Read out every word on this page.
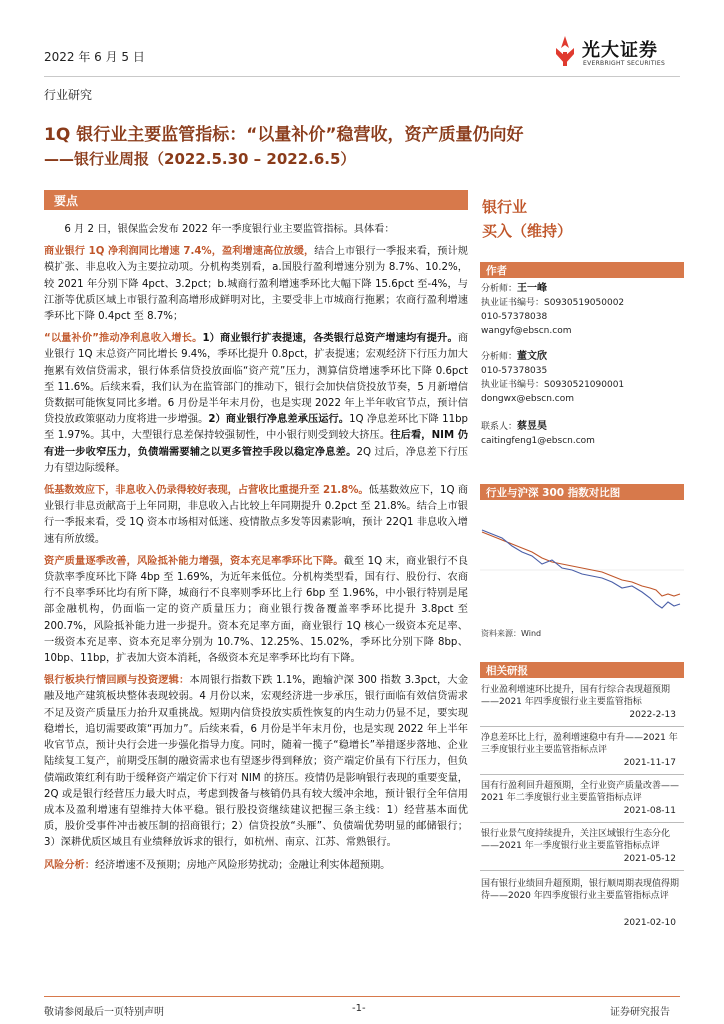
2022 年 6 月 5 日	光大证券
EVERBRIGHT SECURITIES
行业研究
1Q 银行业主要监管指标：“以量补价”稳营收，资产质量仍向好
——银行业周报（2022.5.30 – 2022.6.5）
要点

6 月 2 日，银保监会发布 2022 年一季度银行业主要监管指标。具体看：

商业银行 1Q 净利润同比增速 7.4%，盈利增速高位放缓，结合上市银行一季报来看，预计规模扩张、非息收入为主要拉动项。分机构类别看，a.国股行盈利增速分别为 8.7%、10.2%，较 2021 年分别下降 4pct、3.2pct；b.城商行盈利增速季环比大幅下降 15.6pct 至-4%，与江浙等优质区域上市银行盈利高增形成鲜明对比，主要受非上市城商行拖累；农商行盈利增速季环比下降 0.4pct 至 8.7%；

“以量补价”推动净利息收入增长。1）商业银行扩表提速，各类银行总资产增速均有提升。商业银行 1Q 末总资产同比增长 9.4%，季环比提升 0.8pct，扩表提速；宏观经济下行压力加大拖累有效信贷需求，银行体系信贷投放面临“资产荒”压力，测算信贷增速季环比下降 0.6pct 至 11.6%。后续来看，我们认为在监管部门的推动下，银行会加快信贷投放节奏，5 月新增信贷数据可能恢复同比多增。6 月份是半年末月份，也是实现 2022 年上半年收官节点，预计信贷投放政策驱动力度将进一步增强。2）商业银行净息差承压运行。1Q 净息差环比下降 11bp 至 1.97%。其中，大型银行息差保持较强韧性，中小银行则受到较大挤压。往后看，NIM 仍有进一步收窄压力，负债端需要辅之以更多管控手段以稳定净息差。2Q 过后，净息差下行压力有望边际缓释。

低基数效应下，非息收入仍录得较好表现，占营收比重提升至 21.8%。低基数效应下，1Q 商业银行非息贡献高于上年同期，非息收入占比较上年同期提升 0.2pct 至 21.8%。结合上市银行一季报来看，受 1Q 资本市场相对低迷、疫情散点多发等因素影响，预计 22Q1 非息收入增速有所放缓。

资产质量逐季改善，风险抵补能力增强，资本充足率季环比下降。截至 1Q 末，商业银行不良贷款率季度环比下降 4bp 至 1.69%，为近年来低位。分机构类型看，国有行、股份行、农商行不良率季环比均有所下降，城商行不良率则季环比上行 6bp 至 1.96%，中小银行特别是尾部金融机构，仍面临一定的资产质量压力；商业银行拨备覆盖率季环比提升 3.8pct 至 200.7%，风险抵补能力进一步提升。资本充足率方面，商业银行 1Q 核心一级资本充足率、一级资本充足率、资本充足率分别为 10.7%、12.25%、15.02%，季环比分别下降 8bp、10bp、11bp，扩表加大资本消耗，各级资本充足率季环比均有下降。

银行板块行情回顾与投资逻辑：本周银行指数下跌 1.1%，跑输沪深 300 指数 3.3pct，大金融及地产建筑板块整体表现较弱。4 月份以来，宏观经济进一步承压，银行面临有效信贷需求不足及资产质量压力抬升双重挑战。短期内信贷投放实质性恢复的内生动力仍显不足，要实现稳增长，追切需要政策“再加力”。后续来看，6 月份是半年末月份，也是实现 2022 年上半年收官节点，预计央行会进一步强化指导力度。同时，随着一揽子“稳增长”举措逐步落地、企业陆续复工复产，前期受压制的融资需求也有望逐步得到释放；资产端定价虽有下行压力，但负债端政策红利有助于缓释资产端定价下行对 NIM 的挤压。疫情仍是影响银行表现的重要变量，2Q 或是银行经营压力最大时点，考虑到拨备与核销仍具有较大缓冲余地，预计银行全年信用成本及盈利增速有望维持大体平稳。银行股投资继续建议把握三条主线：1）经营基本面优质，股价受事件冲击被压制的招商银行；2）信贷投放“头雁”、负债端优势明显的邮储银行；3）深耕优质区域且有业绩释放诉求的银行，如杭州、南京、江苏、常熟银行。

风险分析：经济增速不及预期；房地产风险形势扰动；金融让利实体超预期。

银行业
买入（维持）
作者
分析师：王一峰
执业证书编号：S0930519050002
010-57378038
wangyf@ebscn.com
分析师：董文欣
010-57378035
执业证书编号：S0930521090001
dongwx@ebscn.com
联系人：蔡昱昊
caitingfeng1@ebscn.com
行业与沪深 300 指数对比图
资料来源：Wind
相关研报
行业盈利增速环比提升，国有行综合表现超预期——2021 年四季度银行业主要监管指标
2022-2-13
净息差环比上行，盈利增速稳中有升——2021 年三季度银行业主要监管指标点评
2021-11-17
国有行盈利回升超预期，全行业资产质量改善——2021 年二季度银行业主要监管指标点评
2021-08-11
银行业景气度持续提升，关注区域银行生态分化——2021 年一季度银行业主要监管指标点评
2021-05-12
国有银行业绩回升超预期，银行顺周期表现值得期待——2020 年四季度银行业主要监管指标点评
2021-02-10
敬请参阅最后一页特别声明	-1-	证券研究报告
